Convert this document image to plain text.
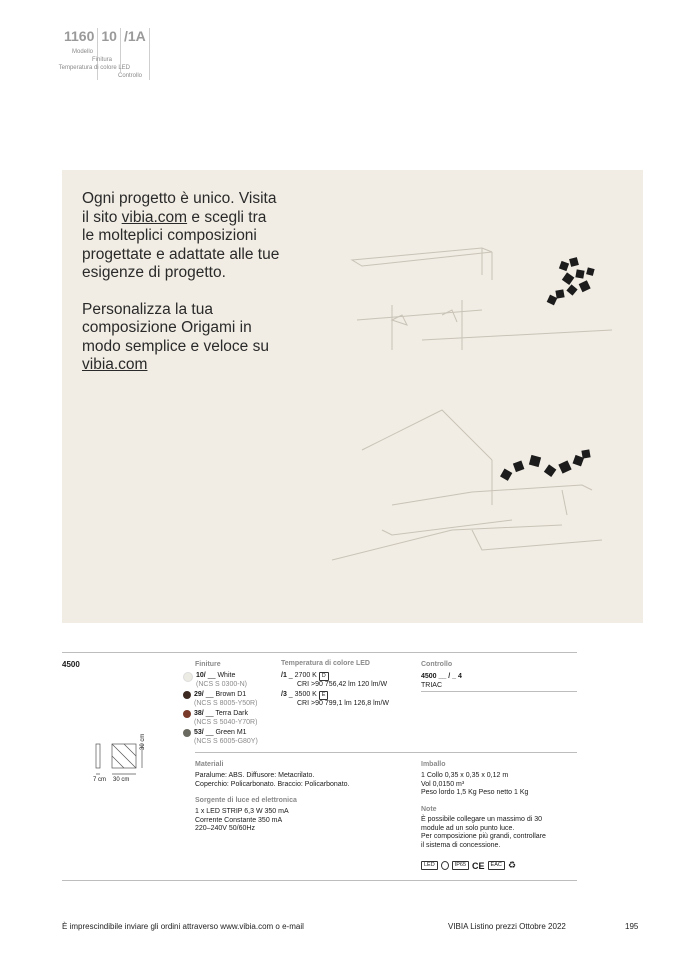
1160 10 /1A
Modello
Finitura
Temperatura di colore LED
Controllo

Ogni progetto è unico. Visita il sito vibia.com e scegli tra le molteplici composizioni progettate e adattate alle tue esigenze di progetto.

Personalizza la tua composizione Origami in modo semplice e veloce su vibia.com

4500	Finiture
10/ __ White
(NCS S 0300-N)
29/ __ Brown D1
(NCS S 8005-Y50R)
38/ __ Terra Dark
(NCS S 5040-Y70R)
53/ __ Green M1
(NCS S 6005-G80Y)
Temperatura di colore LED
/1 _ 2700 K D
CRI >90 756,42 lm 120 lm/W
/3 _ 3500 K E
CRI >90 799,1 lm 126,8 lm/W
Controllo
4500 __ / _ 4
TRIAC
7 cm 30 cm
30 cm
Materiali
Paralume: ABS. Diffusore: Metacrilato.
Coperchio: Policarbonato. Braccio: Policarbonato.
Sorgente di luce ed elettronica
1 x LED STRIP 6,3 W 350 mA
Corrente Constante 350 mA
220–240V 50/60Hz
Imballo
1 Collo 0,35 x 0,35 x 0,12 m
Vol 0,0150 m³
Peso lordo 1,5 Kg Peso netto 1 Kg
Note
È possibile collegare un massimo di 30
module ad un solo punto luce.
Per composizione più grandi, controllare
il sistema di concessione.
LED	IP65 CE	EAC ♻
È imprescindibile inviare gli ordini attraverso www.vibia.com o e-mail	VIBIA Listino prezzi Ottobre 2022	195
